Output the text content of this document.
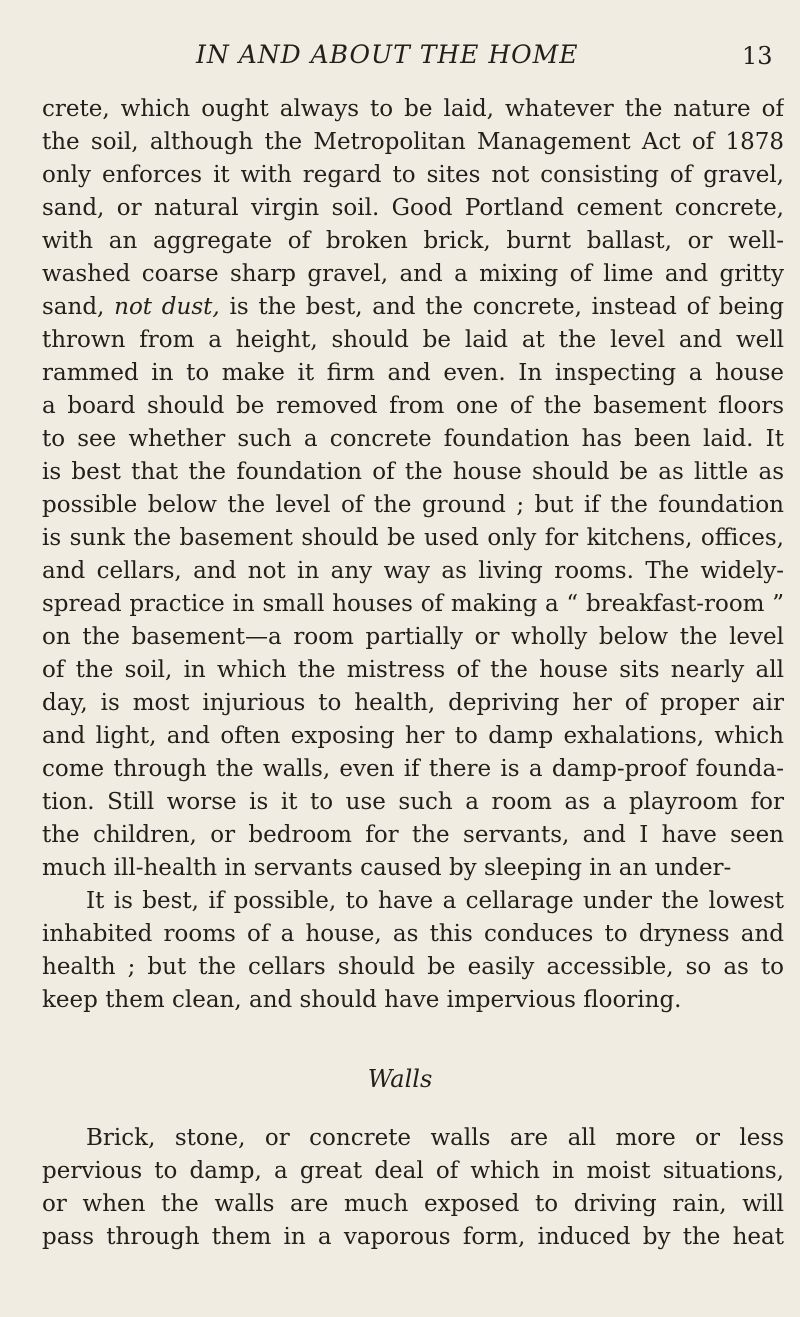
IN AND ABOUT THE HOME	13
crete, which ought always to be laid, whatever the nature of
the soil, although the Metropolitan Management Act of 1878
only enforces it with regard to sites not consisting of gravel,
sand, or natural virgin soil. Good Portland cement concrete,
with an aggregate of broken brick, burnt ballast, or well-
washed coarse sharp gravel, and a mixing of lime and gritty
sand, not dust, is the best, and the concrete, instead of being
thrown from a height, should be laid at the level and well
rammed in to make it firm and even. In inspecting a house
a board should be removed from one of the basement floors
to see whether such a concrete foundation has been laid. It
is best that the foundation of the house should be as little as
possible below the level of the ground ; but if the foundation
is sunk the basement should be used only for kitchens, offices,
and cellars, and not in any way as living rooms. The widely-
spread practice in small houses of making a “ breakfast-room ”
on the basement—a room partially or wholly below the level
of the soil, in which the mistress of the house sits nearly all
day, is most injurious to health, depriving her of proper air
and light, and often exposing her to damp exhalations, which
come through the walls, even if there is a damp-proof founda-
tion. Still worse is it to use such a room as a playroom for
the children, or bedroom for the servants, and I have seen
much ill-health in servants caused by sleeping in an under-
It is best, if possible, to have a cellarage under the lowest
inhabited rooms of a house, as this conduces to dryness and
health ; but the cellars should be easily accessible, so as to
keep them clean, and should have impervious flooring.
Walls
Brick, stone, or concrete walls are all more or less
pervious to damp, a great deal of which in moist situations,
or when the walls are much exposed to driving rain, will
pass through them in a vaporous form, induced by the heat
